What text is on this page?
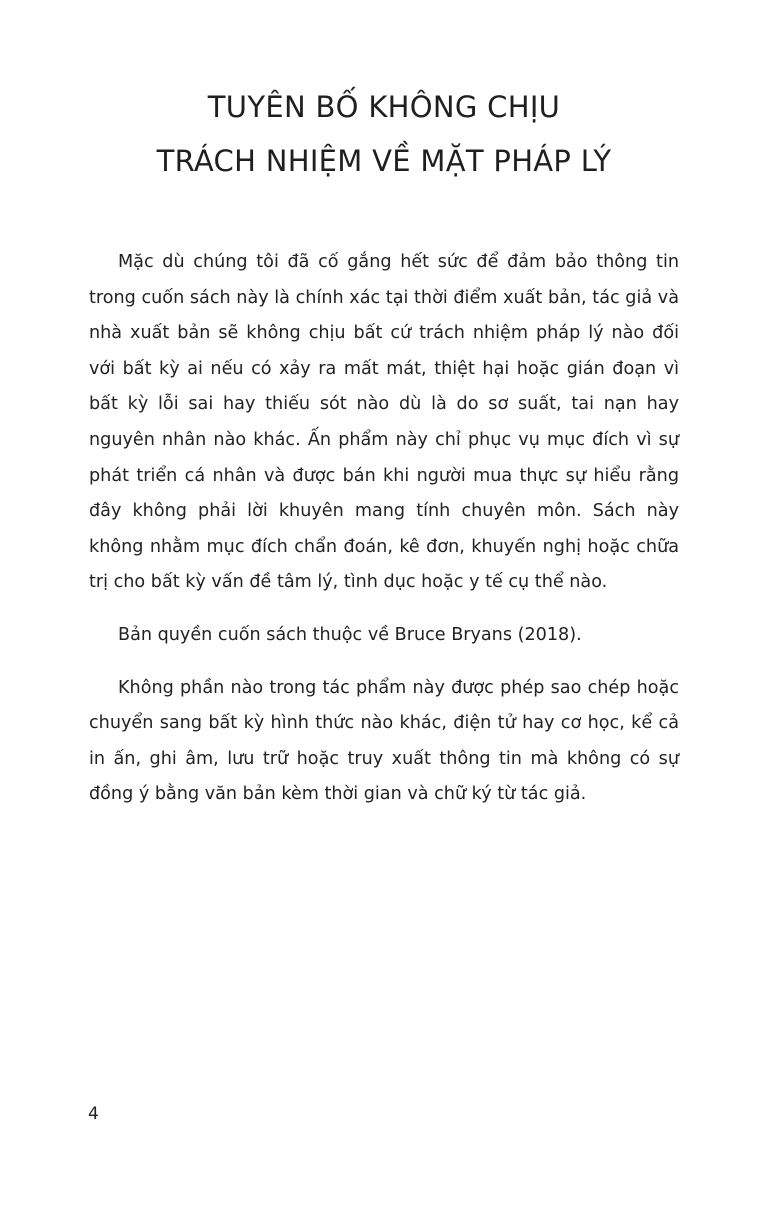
TUYÊN BỐ KHÔNG CHỊU
TRÁCH NHIỆM VỀ MẶT PHÁP LÝ

Mặc dù chúng tôi đã cố gắng hết sức để đảm bảo thông tin trong cuốn sách này là chính xác tại thời điểm xuất bản, tác giả và nhà xuất bản sẽ không chịu bất cứ trách nhiệm pháp lý nào đối với bất kỳ ai nếu có xảy ra mất mát, thiệt hại hoặc gián đoạn vì bất kỳ lỗi sai hay thiếu sót nào dù là do sơ suất, tai nạn hay nguyên nhân nào khác. Ấn phẩm này chỉ phục vụ mục đích vì sự phát triển cá nhân và được bán khi người mua thực sự hiểu rằng đây không phải lời khuyên mang tính chuyên môn. Sách này không nhằm mục đích chẩn đoán, kê đơn, khuyến nghị hoặc chữa trị cho bất kỳ vấn đề tâm lý, tình dục hoặc y tế cụ thể nào.

Bản quyền cuốn sách thuộc về Bruce Bryans (2018).

Không phần nào trong tác phẩm này được phép sao chép hoặc chuyển sang bất kỳ hình thức nào khác, điện tử hay cơ học, kể cả in ấn, ghi âm, lưu trữ hoặc truy xuất thông tin mà không có sự đồng ý bằng văn bản kèm thời gian và chữ ký từ tác giả.

4
